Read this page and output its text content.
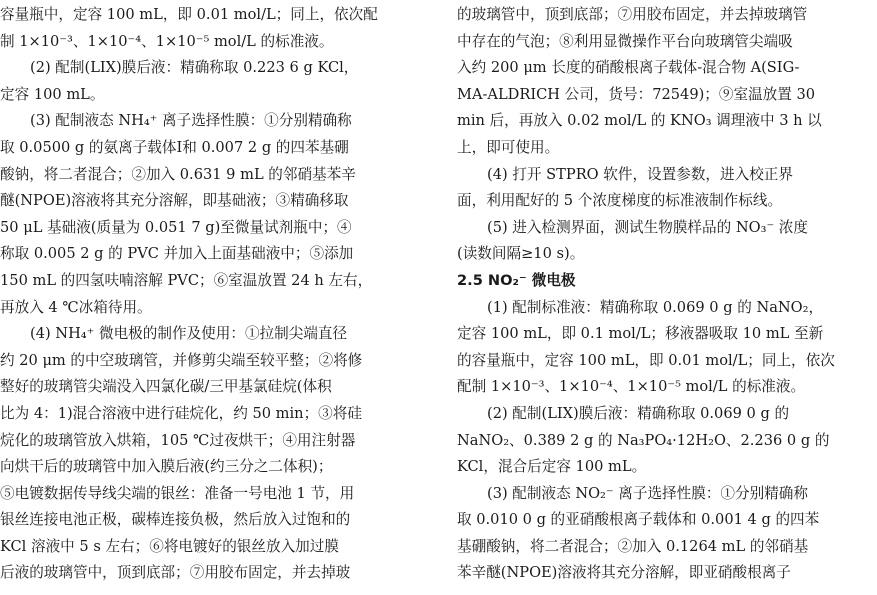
容量瓶中，定容 100 mL，即 0.01 mol/L；同上，依次配
制 1×10⁻³、1×10⁻⁴、1×10⁻⁵ mol/L 的标准液。
(2) 配制(LIX)膜后液：精确称取 0.223 6 g KCl，
定容 100 mL。
(3) 配制液态 NH₄⁺ 离子选择性膜：①分别精确称
取 0.0500 g 的氨离子载体Ⅰ和 0.007 2 g 的四苯基硼
酸钠，将二者混合；②加入 0.631 9 mL 的邻硝基苯辛
醚(NPOE)溶液将其充分溶解，即基础液；③精确移取
50 μL 基础液(质量为 0.051 7 g)至微量试剂瓶中；④
称取 0.005 2 g 的 PVC 并加入上面基础液中；⑤添加
150 mL 的四氢呋喃溶解 PVC；⑥室温放置 24 h 左右，
再放入 4 ℃冰箱待用。
(4) NH₄⁺ 微电极的制作及使用：①拉制尖端直径
约 20 μm 的中空玻璃管，并修剪尖端至较平整；②将修
整好的玻璃管尖端没入四氯化碳/三甲基氯硅烷(体积
比为 4：1)混合溶液中进行硅烷化，约 50 min；③将硅
烷化的玻璃管放入烘箱，105 ℃过夜烘干；④用注射器
向烘干后的玻璃管中加入膜后液(约三分之二体积)；
⑤电镀数据传导线尖端的银丝：准备一号电池 1 节，用
银丝连接电池正极，碳棒连接负极，然后放入过饱和的
KCl 溶液中 5 s 左右；⑥将电镀好的银丝放入加过膜
后液的玻璃管中，顶到底部；⑦用胶布固定，并去掉玻
的玻璃管中，顶到底部；⑦用胶布固定，并去掉玻璃管
中存在的气泡；⑧利用显微操作平台向玻璃管尖端吸
入约 200 μm 长度的硝酸根离子载体-混合物 A(SIG-
MA-ALDRICH 公司，货号：72549)；⑨室温放置 30
min 后，再放入 0.02 mol/L 的 KNO₃ 调理液中 3 h 以
上，即可使用。
(4) 打开 STPRO 软件，设置参数，进入校正界
面，利用配好的 5 个浓度梯度的标准液制作标线。
(5) 进入检测界面，测试生物膜样品的 NO₃⁻ 浓度
(读数间隔≥10 s)。
2.5 NO₂⁻ 微电极
(1) 配制标准液：精确称取 0.069 0 g 的 NaNO₂，
定容 100 mL，即 0.1 mol/L；移液器吸取 10 mL 至新
的容量瓶中，定容 100 mL，即 0.01 mol/L；同上，依次
配制 1×10⁻³、1×10⁻⁴、1×10⁻⁵ mol/L 的标准液。
(2) 配制(LIX)膜后液：精确称取 0.069 0 g 的
NaNO₂、0.389 2 g 的 Na₃PO₄·12H₂O、2.236 0 g 的
KCl，混合后定容 100 mL。
(3) 配制液态 NO₂⁻ 离子选择性膜：①分别精确称
取 0.010 0 g 的亚硝酸根离子载体和 0.001 4 g 的四苯
基硼酸钠，将二者混合；②加入 0.1264 mL 的邻硝基
苯辛醚(NPOE)溶液将其充分溶解，即亚硝酸根离子
